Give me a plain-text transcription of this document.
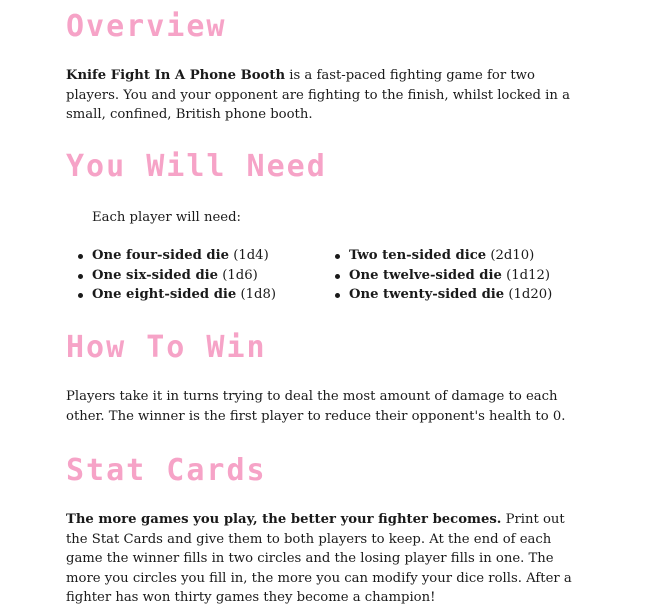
Overview

Knife Fight In A Phone Booth is a fast-paced fighting game for two players. You and your opponent are fighting to the finish, whilst locked in a small, confined, British phone booth.

You Will Need

Each player will need:

One four-sided die (1d4)
One six-sided die (1d6)
One eight-sided die (1d8)
Two ten-sided dice (2d10)
One twelve-sided die (1d12)
One twenty-sided die (1d20)
How To Win

Players take it in turns trying to deal the most amount of damage to each other. The winner is the first player to reduce their opponent's health to 0.

Stat Cards

The more games you play, the better your fighter becomes. Print out the Stat Cards and give them to both players to keep. At the end of each game the winner fills in two circles and the losing player fills in one. The more you circles you fill in, the more you can modify your dice rolls. After a fighter has won thirty games they become a champion!
